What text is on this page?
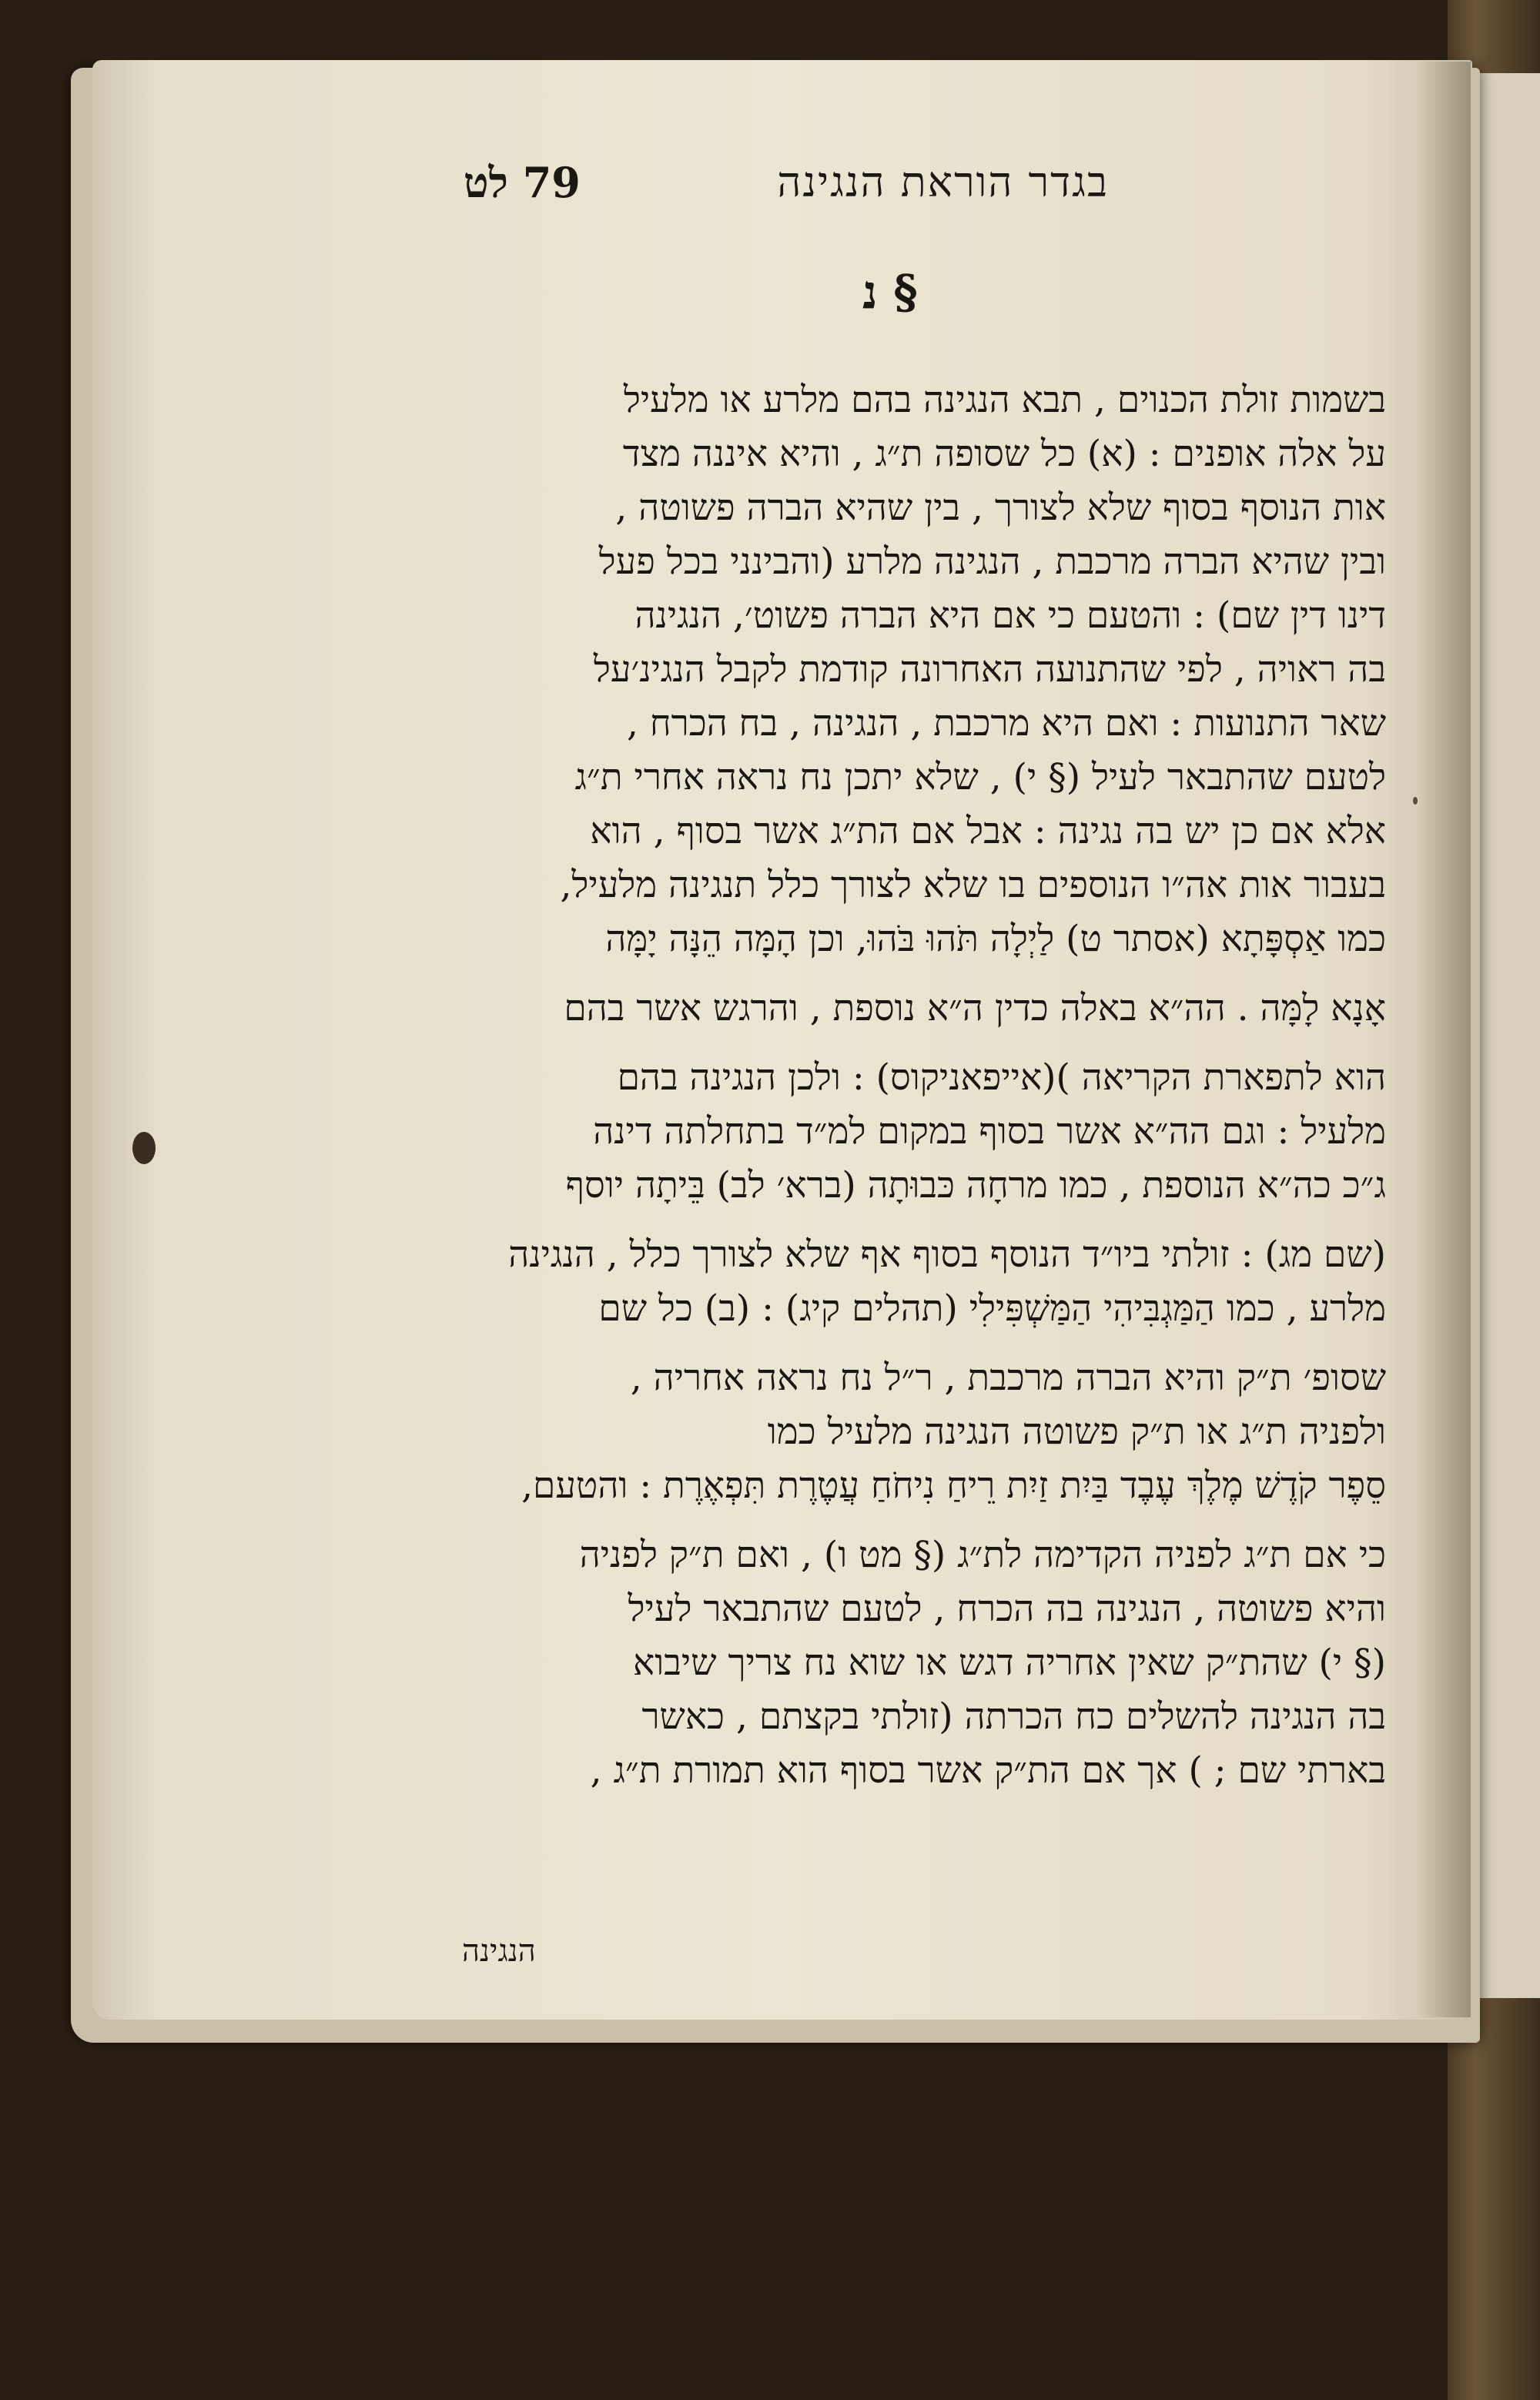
בגדר הוראת הנגינה
לט 79
§ נ
בשמות זולת הכנוים , תבא הנגינה בהם מלרע או מלעיל
על אלה אופנים : (א) כל שסופה ת״ג , והיא איננה מצד
אות הנוסף בסוף שלא לצורך , בין שהיא הברה פשוטה ,
ובין שהיא הברה מרכבת , הנגינה מלרע (והבינני בכל פעל
דינו דין שם) : והטעם כי אם היא הברה פשוט׳, הנגינה
בה ראויה , לפי שהתנועה האחרונה קודמת לקבל הנגינ׳על
שאר התנועות : ואם היא מרכבת , הנגינה , בח הכרח ,
לטעם שהתבאר לעיל (§ י) , שלא יתכן נח נראה אחרי ת״ג
אלא אם כן יש בה נגינה : אבל אם הת״ג אשר בסוף , הוא
בעבור אות אה״ו הנוספים בו שלא לצורך כלל תנגינה מלעיל,
כמו אַסְפָּתָא (אסתר ט) לַיְלָה תֹּהוּ בֹּהוּ, וכן הָמָּה הֵנָּה יָמָּה
אָנָא לָמָּה . הה״א באלה כדין ה״א נוספת , והרגש אשר בהם
הוא לתפארת הקריאה )(אייפאניקוס) : ולכן הנגינה בהם
מלעיל : וגם הה״א אשר בסוף במקום למ״ד בתחלתה דינה
ג״כ כה״א הנוספת , כמו מרחָה כּבוּתָה (ברא׳ לב) בֵּיתָה יוסף
(שם מג) : זולתי ביו״ד הנוסף בסוף אף שלא לצורך כלל , הנגינה
מלרע , כמו הַמַּגְבִּיהִי הַמַּשְׁפִּילִי (תהלים קיג) : (ב) כל שם
שסופ׳ ת״ק והיא הברה מרכבת , ר״ל נח נראה אחריה ,
ולפניה ת״ג או ת״ק פשוטה הנגינה מלעיל כמו
סֵפֶר קֹדֶשׁ מֶלֶךְ עֶבֶד בַּיִת זַיִת רֵיחַ נִיחֹחַ עֲטֶרֶת תִּפְאֶרֶת : והטעם,
כי אם ת״ג לפניה הקדימה לת״ג (§ מט ו) , ואם ת״ק לפניה
והיא פשוטה , הנגינה בה הכרח , לטעם שהתבאר לעיל
(§ י) שהת״ק שאין אחריה דגש או שוא נח צריך שיבוא
בה הנגינה להשלים כח הכרתה (זולתי בקצתם , כאשר
בארתי שם ; ) אך אם הת״ק אשר בסוף הוא תמורת ת״ג ,
הנגינה
